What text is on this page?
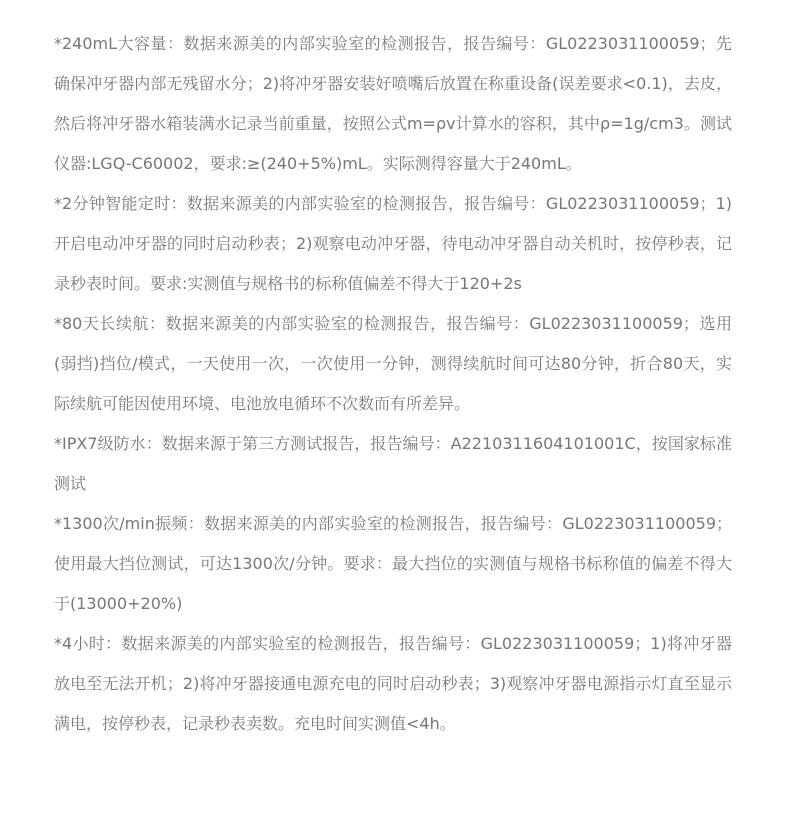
*240mL大容量：数据来源美的内部实验室的检测报告，报告编号：GL0223031100059；先确保冲牙器内部无残留水分；2)将冲牙器安装好喷嘴后放置在称重设备(误差要求<0.1)，去皮，然后将冲牙器水箱装满水记录当前重量，按照公式m=ρv计算水的容积，其中ρ=1g/cm3。测试仪器:LGQ-C60002，要求:≥(240+5%)mL。实际测得容量大于240mL。

*2分钟智能定时：数据来源美的内部实验室的检测报告，报告编号：GL0223031100059；1)开启电动冲牙器的同时启动秒表；2)观察电动冲牙器，待电动冲牙器自动关机时，按停秒表，记录秒表时间。要求:实测值与规格书的标称值偏差不得大于120+2s

*80天长续航：数据来源美的内部实验室的检测报告，报告编号：GL0223031100059；选用(弱挡)挡位/模式，一天使用一次，一次使用一分钟，测得续航时间可达80分钟，折合80天，实际续航可能因使用环境、电池放电循环不次数而有所差异。

*IPX7级防水：数据来源于第三方测试报告，报告编号：A2210311604101001C，按国家标准测试

*1300次/min振频：数据来源美的内部实验室的检测报告，报告编号：GL0223031100059；使用最大挡位测试，可达1300次/分钟。要求：最大挡位的实测值与规格书标称值的偏差不得大于(13000+20%)

*4小时：数据来源美的内部实验室的检测报告，报告编号：GL0223031100059；1)将冲牙器放电至无法开机；2)将冲牙器接通电源充电的同时启动秒表；3)观察冲牙器电源指示灯直至显示满电，按停秒表，记录秒表卖数。充电时间实测值<4h。
